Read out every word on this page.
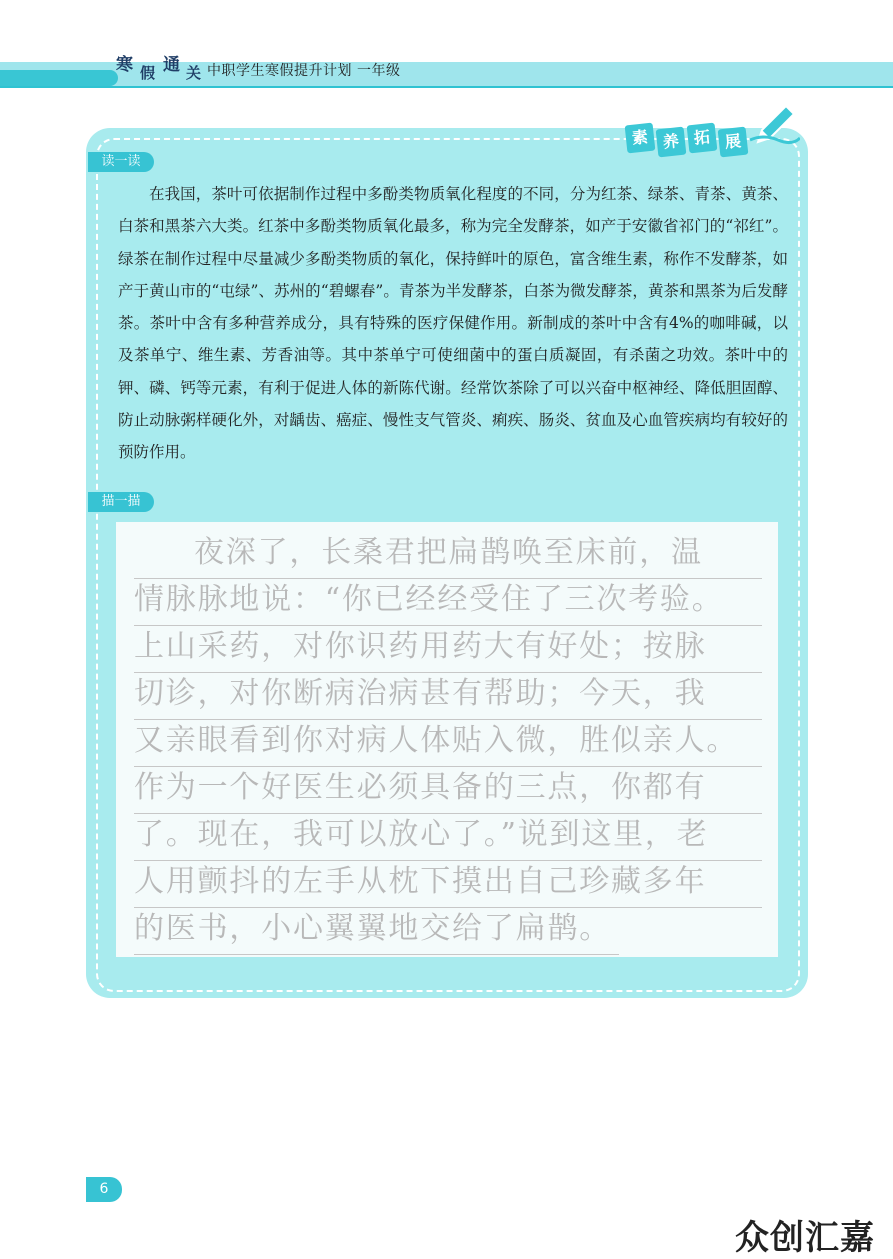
寒 假 通 关 中职学生寒假提升计划 一年级
素 养 拓 展
读一读
在我国，茶叶可依据制作过程中多酚类物质氧化程度的不同，分为红茶、绿茶、青茶、黄茶、白茶和黑茶六大类。红茶中多酚类物质氧化最多，称为完全发酵茶，如产于安徽省祁门的“祁红”。绿茶在制作过程中尽量减少多酚类物质的氧化，保持鲜叶的原色，富含维生素，称作不发酵茶，如产于黄山市的“屯绿”、苏州的“碧螺春”。青茶为半发酵茶，白茶为微发酵茶，黄茶和黑茶为后发酵茶。茶叶中含有多种营养成分，具有特殊的医疗保健作用。新制成的茶叶中含有4%的咖啡碱，以及茶单宁、维生素、芳香油等。其中茶单宁可使细菌中的蛋白质凝固，有杀菌之功效。茶叶中的钾、磷、钙等元素，有利于促进人体的新陈代谢。经常饮茶除了可以兴奋中枢神经、降低胆固醇、防止动脉粥样硬化外，对龋齿、癌症、慢性支气管炎、痢疾、肠炎、贫血及心血管疾病均有较好的预防作用。
描一描
夜深了，长桑君把扁鹊唤至床前，温
情脉脉地说：“你已经经受住了三次考验。
上山采药，对你识药用药大有好处；按脉
切诊，对你断病治病甚有帮助；今天，我
又亲眼看到你对病人体贴入微，胜似亲人。
作为一个好医生必须具备的三点，你都有
了。现在，我可以放心了。”说到这里，老
人用颤抖的左手从枕下摸出自己珍藏多年
的医书，小心翼翼地交给了扁鹊。
6
众创汇嘉
